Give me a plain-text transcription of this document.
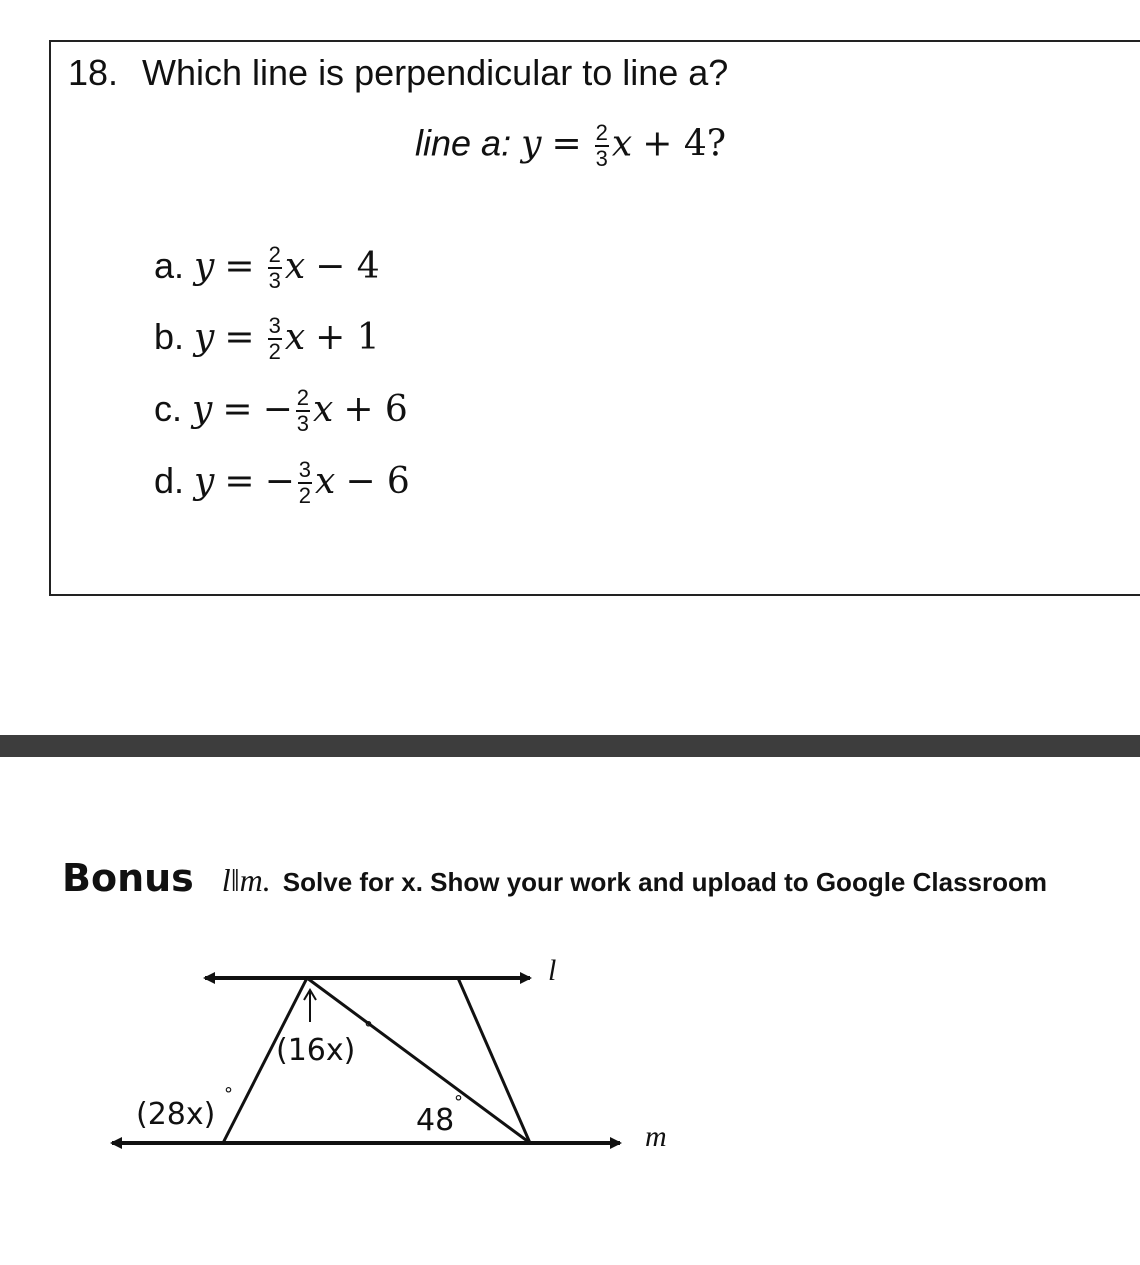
18. Which line is perpendicular to line a?
line a: $y = \frac{2}{3}$ x + 4?
a. $y = \frac{2}{3}$ x − 4
b. $y = \frac{3}{2}$ x + 1
c. y = − $\frac{2}{3}$ x + 6
d. y = − $\frac{3}{2}$ x − 6
Bonus l‖m. Solve for x. Show your work and upload to Google Classroom
l
m
(16x)
°
(28x)
°
48
°
